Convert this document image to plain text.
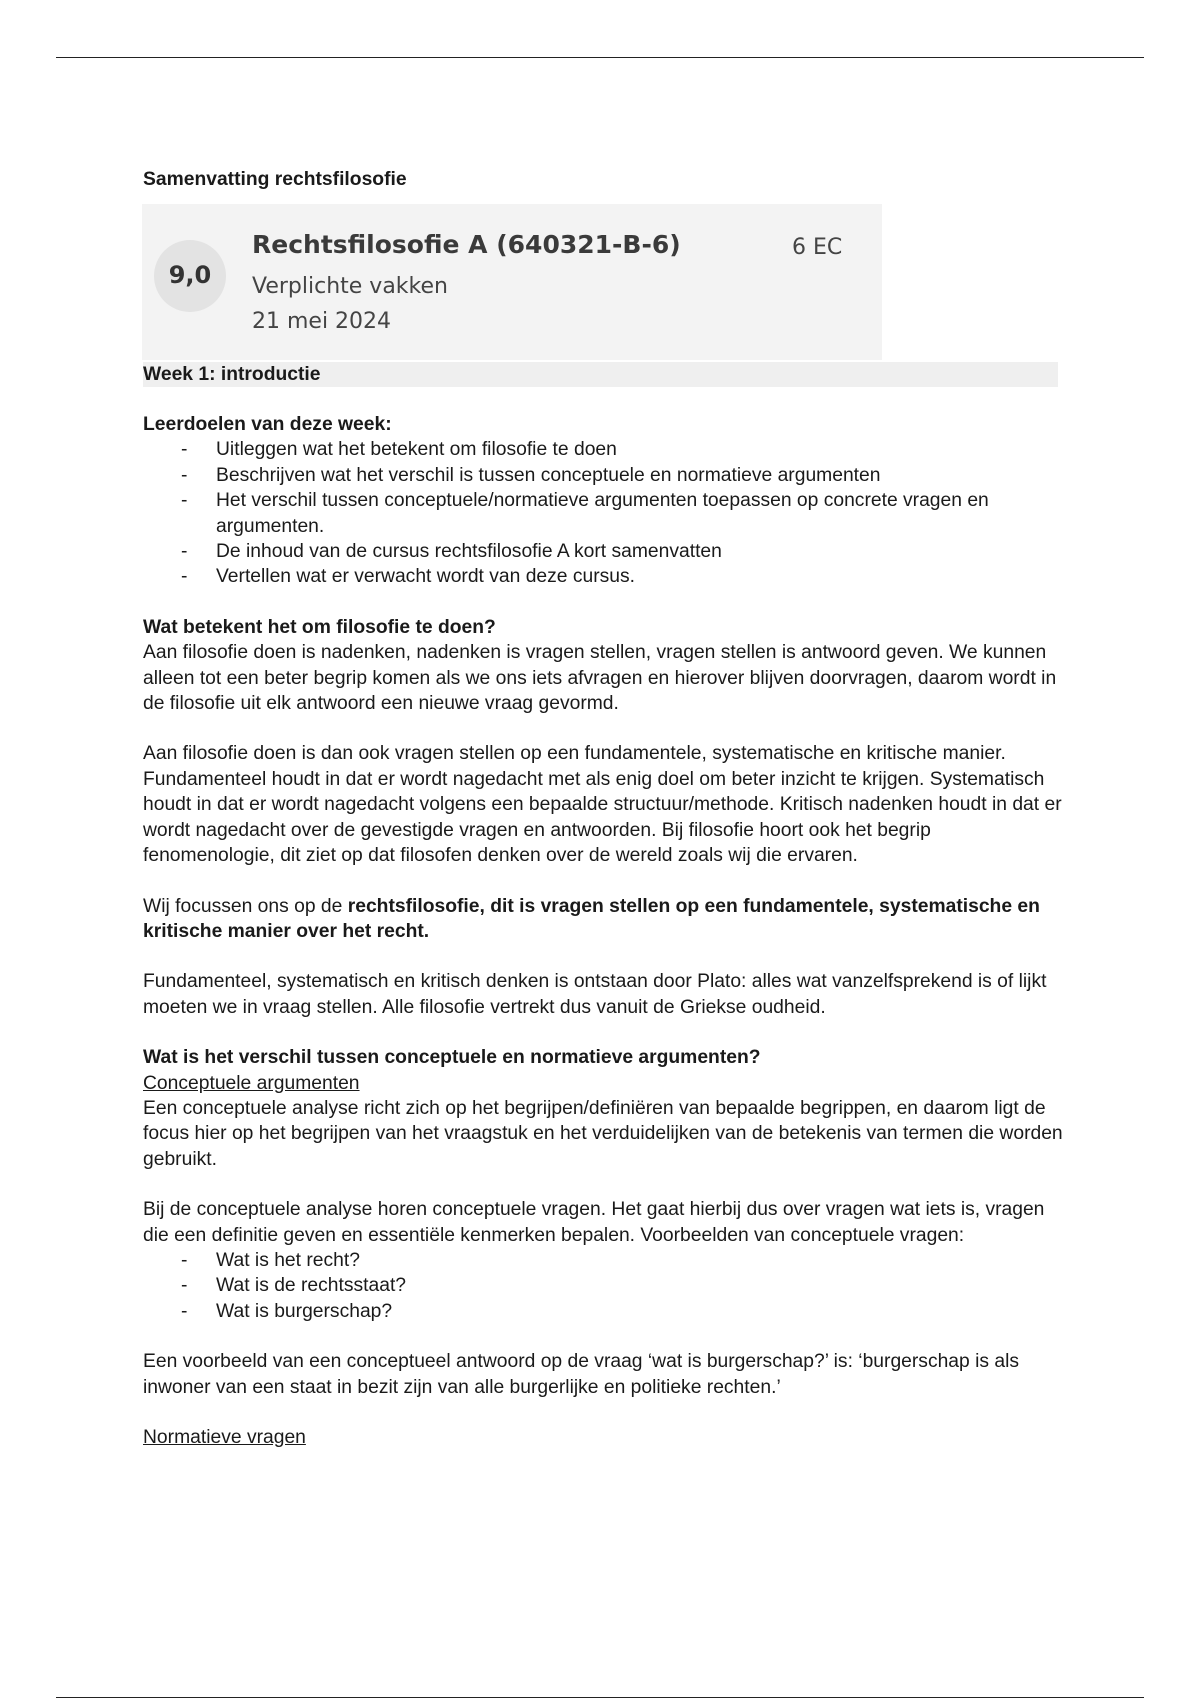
Samenvatting rechtsfilosofie

9,0
Rechtsfilosofie A (640321-B-6)	6 EC
Verplichte vakken
21 mei 2024

Week 1: introductie

Leerdoelen van deze week:

- Uitleggen wat het betekent om filosofie te doen
- Beschrijven wat het verschil is tussen conceptuele en normatieve argumenten
- Het verschil tussen conceptuele/normatieve argumenten toepassen op concrete vragen en argumenten.
- De inhoud van de cursus rechtsfilosofie A kort samenvatten
- Vertellen wat er verwacht wordt van deze cursus.

Wat betekent het om filosofie te doen?

Aan filosofie doen is nadenken, nadenken is vragen stellen, vragen stellen is antwoord geven. We kunnen alleen tot een beter begrip komen als we ons iets afvragen en hierover blijven doorvragen, daarom wordt in de filosofie uit elk antwoord een nieuwe vraag gevormd.

Aan filosofie doen is dan ook vragen stellen op een fundamentele, systematische en kritische manier. Fundamenteel houdt in dat er wordt nagedacht met als enig doel om beter inzicht te krijgen. Systematisch houdt in dat er wordt nagedacht volgens een bepaalde structuur/methode. Kritisch nadenken houdt in dat er wordt nagedacht over de gevestigde vragen en antwoorden. Bij filosofie hoort ook het begrip fenomenologie, dit ziet op dat filosofen denken over de wereld zoals wij die ervaren.

Wij focussen ons op de rechtsfilosofie, dit is vragen stellen op een fundamentele, systematische en kritische manier over het recht.

Fundamenteel, systematisch en kritisch denken is ontstaan door Plato: alles wat vanzelfsprekend is of lijkt moeten we in vraag stellen. Alle filosofie vertrekt dus vanuit de Griekse oudheid.

Wat is het verschil tussen conceptuele en normatieve argumenten?

Conceptuele argumenten

Een conceptuele analyse richt zich op het begrijpen/definiëren van bepaalde begrippen, en daarom ligt de focus hier op het begrijpen van het vraagstuk en het verduidelijken van de betekenis van termen die worden gebruikt.

Bij de conceptuele analyse horen conceptuele vragen. Het gaat hierbij dus over vragen wat iets is, vragen die een definitie geven en essentiële kenmerken bepalen. Voorbeelden van conceptuele vragen:

- Wat is het recht?
- Wat is de rechtsstaat?
- Wat is burgerschap?

Een voorbeeld van een conceptueel antwoord op de vraag ‘wat is burgerschap?’ is: ‘burgerschap is als inwoner van een staat in bezit zijn van alle burgerlijke en politieke rechten.’

Normatieve vragen
